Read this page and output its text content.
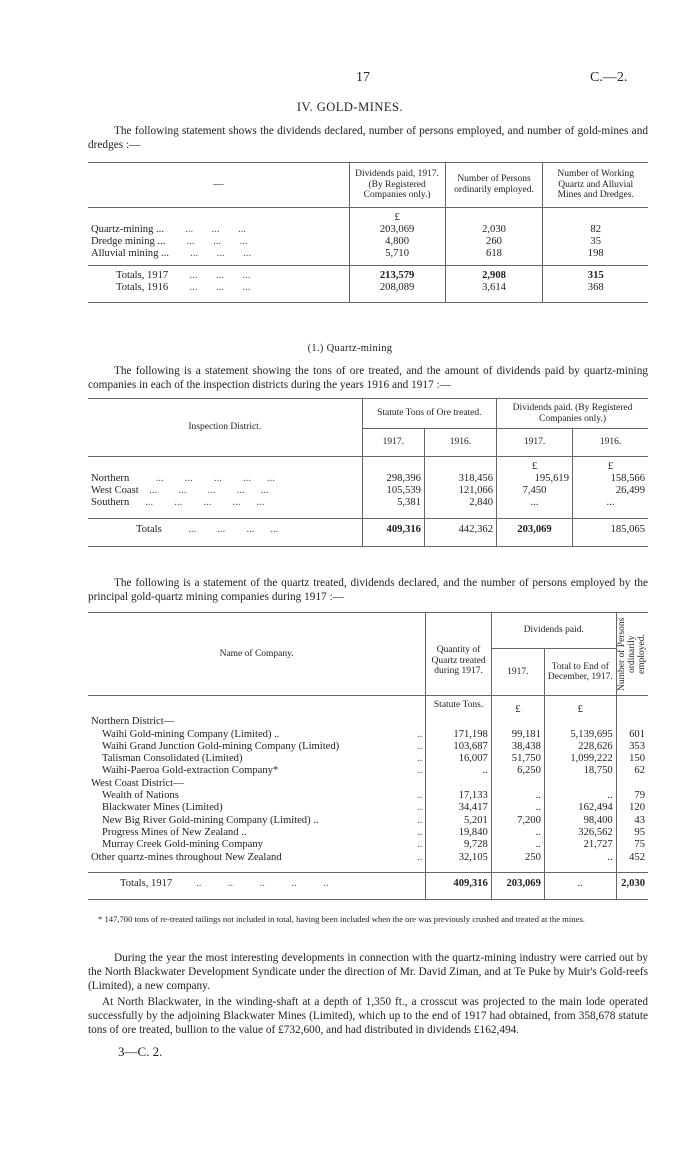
17	C.—2.
IV. GOLD-MINES.
The following statement shows the dividends declared, number of persons employed, and number of gold-mines and dredges :—
—	Dividends paid, 1917. (By Registered Companies only.)	Number of Persons ordinarily employed.	Number of Working Quartz and Alluvial Mines and Dredges.
	£		
Quartz-mining ...        ...       ...       ...	203,069	2,030	82
Dredge mining ...        ...       ...       ...	4,800	260	35
Alluvial mining ...        ...       ...       ...	5,710	618	198
Totals, 1917        ...       ...       ...	213,579	2,908	315
Totals, 1916        ...       ...       ...	208,089	3,614	368
(1.) Quartz-mining
The following is a statement showing the tons of ore treated, and the amount of dividends paid by quartz-mining companies in each of the inspection districts during the years 1916 and 1917 :—
Inspection District.	Statute Tons of Ore treated.		Dividends paid. (By Registered Companies only.)	
	1917.	1916.	1917.	1916.
			£	£
Northern          ...        ...        ...        ...      ...	298,396	318,456	195,619	158,566
West Coast    ...        ...        ...        ...      ...	105,539	121,066	7,450	26,499
Southern      ...        ...        ...        ...      ...	5,381	2,840	...	...
Totals          ...        ...        ...      ...	409,316	442,362	203,069	185,065
The following is a statement of the quartz treated, dividends declared, and the number of persons employed by the principal gold-quartz mining companies during 1917 :—
Name of Company.	Quantity of Quartz treated during 1917.	Dividends paid.		Number of Persons ordinarily employed.

		1917.	Total to End of December, 1917.	
	Statute Tons.	£	£	
Northern District—				

..
Waihi Gold-mining Company (Limited) ..	171,198	99,181	5,139,695	601

..
Waihi Grand Junction Gold-mining Company (Limited)	103,687	38,438	228,626	353

..
Talisman Consolidated (Limited)	16,007	51,750	1,099,222	150

..
Waihi-Paeroa Gold-extraction Company*	..	6,250	18,750	62
West Coast District—				

..
Wealth of Nations	17,133	..	..	79

..
Blackwater Mines (Limited)	34,417	..	162,494	120

..
New Big River Gold-mining Company (Limited) ..	5,201	7,200	98,400	43

..
Progress Mines of New Zealand ..	19,840	..	326,562	95

..
Murray Creek Gold-mining Company	9,728	..	21,727	75

..
Other quartz-mines throughout New Zealand	32,105	250	..	452
Totals, 1917         ..          ..          ..          ..          ..	409,316	203,069	..	2,030
* 147,700 tons of re-treated tailings not included in total, having been included when the ore was previously crushed and treated at the mines.
During the year the most interesting developments in connection with the quartz-mining industry were carried out by the North Blackwater Development Syndicate under the direction of Mr. David Ziman, and at Te Puke by Muir's Gold-reefs (Limited), a new company.
At North Blackwater, in the winding-shaft at a depth of 1,350 ft., a crosscut was projected to the main lode operated successfully by the adjoining Blackwater Mines (Limited), which up to the end of 1917 had obtained, from 358,678 statute tons of ore treated, bullion to the value of £732,600, and had distributed in dividends £162,494.
3—C. 2.
